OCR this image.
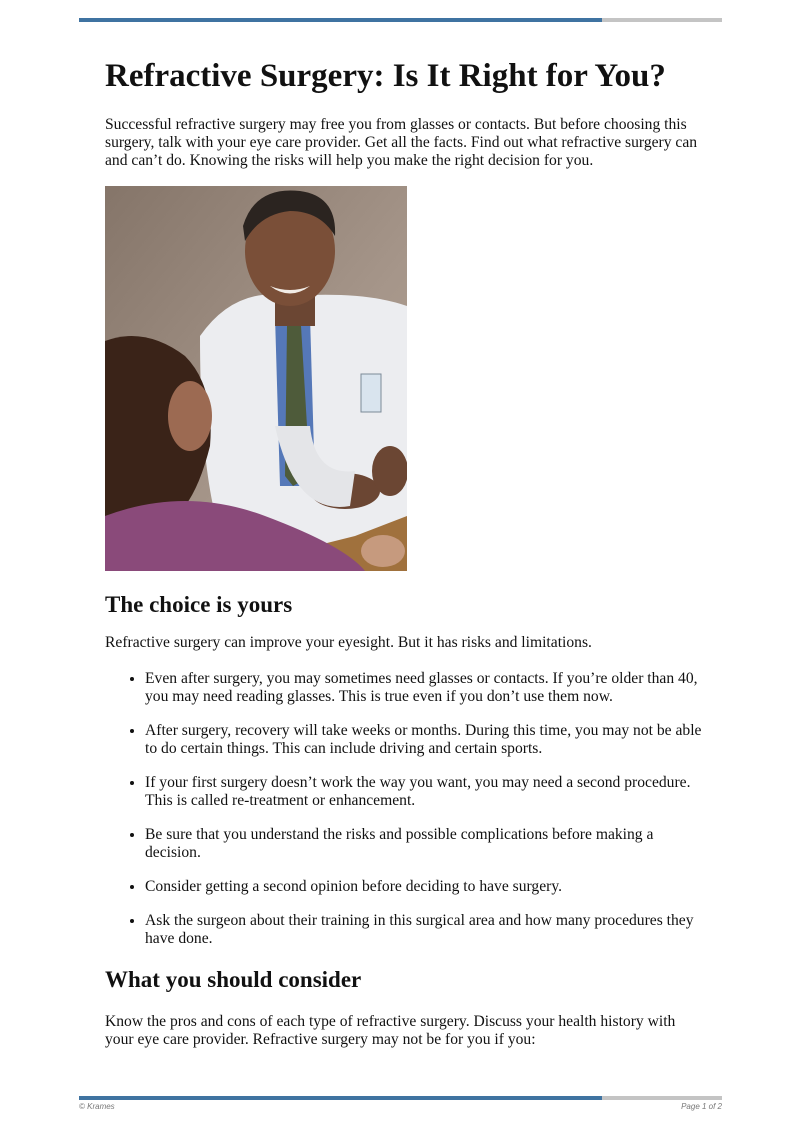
Refractive Surgery: Is It Right for You?

Successful refractive surgery may free you from glasses or contacts. But before choosing this surgery, talk with your eye care provider. Get all the facts. Find out what refractive surgery can and can’t do. Knowing the risks will help you make the right decision for you.

The choice is yours

Refractive surgery can improve your eyesight. But it has risks and limitations.

• Even after surgery, you may sometimes need glasses or contacts. If you’re older than 40, you may need reading glasses. This is true even if you don’t use them now.
• After surgery, recovery will take weeks or months. During this time, you may not be able to do certain things. This can include driving and certain sports.
• If your first surgery doesn’t work the way you want, you may need a second procedure. This is called re-treatment or enhancement.
• Be sure that you understand the risks and possible complications before making a decision.
• Consider getting a second opinion before deciding to have surgery.
• Ask the surgeon about their training in this surgical area and how many procedures they have done.
What you should consider

Know the pros and cons of each type of refractive surgery. Discuss your health history with your eye care provider. Refractive surgery may not be for you if you:

© Krames	Page 1 of 2
